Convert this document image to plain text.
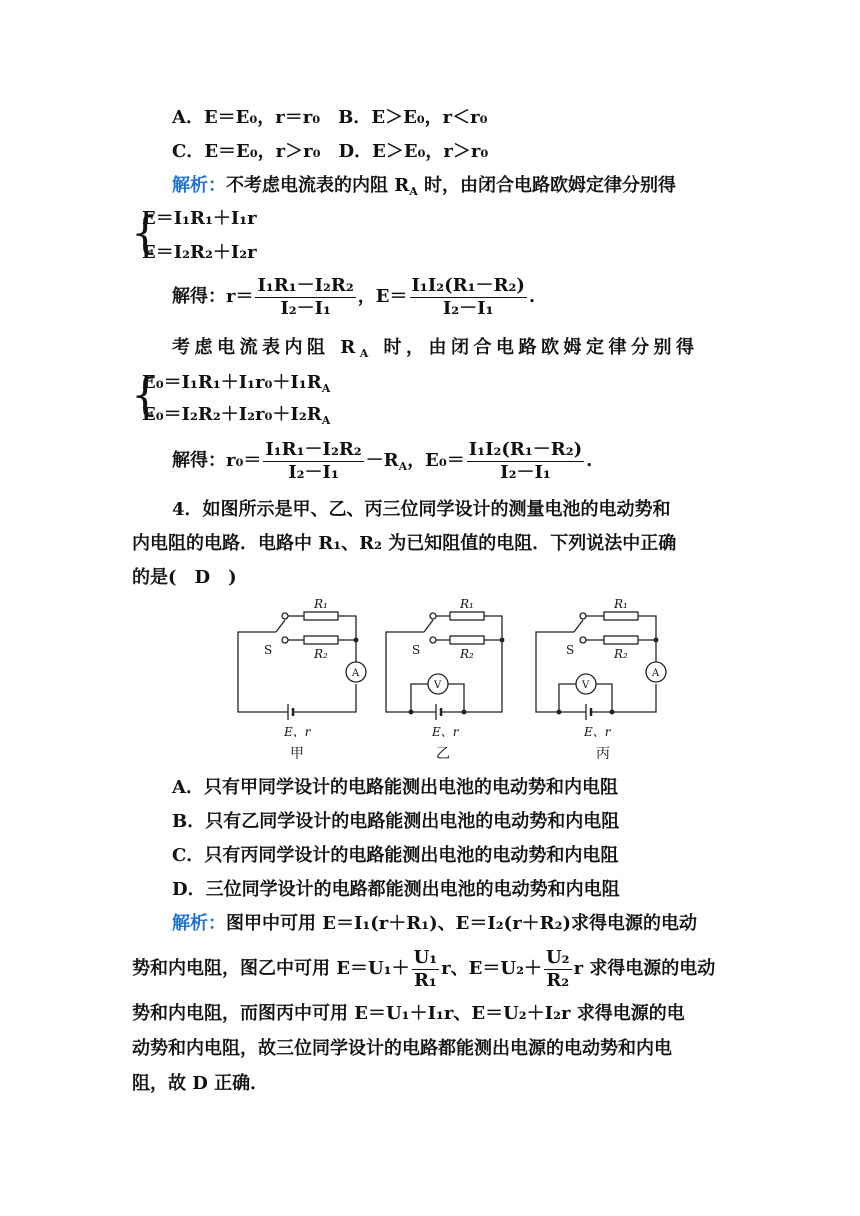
A．E＝E₀，r＝r₀　B．E＞E₀，r＜r₀
C．E＝E₀，r＞r₀　D．E＞E₀，r＞r₀
解析：不考虑电流表的内阻 $R_A$ 时，由闭合电路欧姆定律分别得
{
E＝I₁R₁＋I₁r
E＝I₂R₂＋I₂r
解得：$r= \frac{\text{I₁R₁－I₂R₂}}{\text{I₂－I₁}}$ ，$E= \frac{\text{I₁I₂(R₁－R₂)}}{\text{I₂－I₁}}$ .
考虑电流表内阻 $R_A$ 时，由闭合电路欧姆定律分别得
{
$E_0=I_1R_1+I_1r_0+I_1R_A$
$E_0=I_2R_2+I_2r_0+I_2R_A$
解得：$r_0= \frac{\text{I₁R₁－I₂R₂}}{\text{I₂－I₁}} -R_A$，$E_0= \frac{\text{I₁I₂(R₁－R₂)}}{\text{I₂－I₁}}$ .
4．如图所示是甲、乙、丙三位同学设计的测量电池的电动势和
内电阻的电路．电路中 R₁、R₂ 为已知阻值的电阻．下列说法中正确
的是(　D　)
R₁
R₂
S
E、r
A
R₁
R₂
S
E、r
V
R₁
R₂
S
E、r
V
A
甲	乙	丙
A．只有甲同学设计的电路能测出电池的电动势和内电阻
B．只有乙同学设计的电路能测出电池的电动势和内电阻
C．只有丙同学设计的电路能测出电池的电动势和内电阻
D．三位同学设计的电路都能测出电池的电动势和内电阻
解析：图甲中可用 E＝I₁(r＋R₁)、E＝I₂(r＋R₂)求得电源的电动
势和内电阻，图乙中可用 $E=U_1+ \frac{\text{U₁}}{\text{R₁}}$ r、$E=U_2+ \frac{\text{U₂}}{\text{R₂}}$ r 求得电源的电动
势和内电阻，而图丙中可用 E＝U₁＋I₁r、E＝U₂＋I₂r 求得电源的电
动势和内电阻，故三位同学设计的电路都能测出电源的电动势和内电
阻，故 D 正确．
